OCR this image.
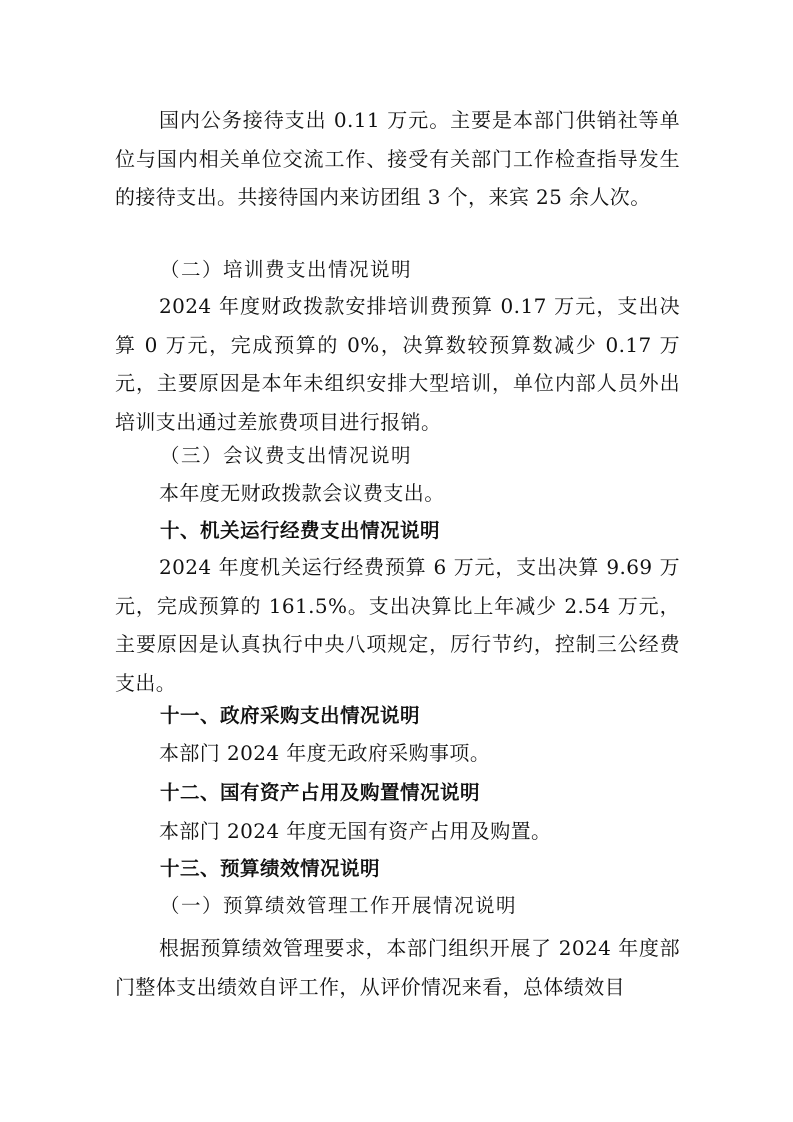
国内公务接待支出 0.11 万元。主要是本部门供销社等单位与国内相关单位交流工作、接受有关部门工作检查指导发生的接待支出。共接待国内来访团组 3 个，来宾 25 余人次。

（二）培训费支出情况说明

2024 年度财政拨款安排培训费预算 0.17 万元，支出决算 0 万元，完成预算的 0%，决算数较预算数减少 0.17 万元，主要原因是本年未组织安排大型培训，单位内部人员外出培训支出通过差旅费项目进行报销。

（三）会议费支出情况说明

本年度无财政拨款会议费支出。

十、机关运行经费支出情况说明

2024 年度机关运行经费预算 6 万元，支出决算 9.69 万元，完成预算的 161.5%。支出决算比上年减少 2.54 万元，主要原因是认真执行中央八项规定，厉行节约，控制三公经费支出。

十一、政府采购支出情况说明

本部门 2024 年度无政府采购事项。

十二、国有资产占用及购置情况说明

本部门 2024 年度无国有资产占用及购置。

十三、预算绩效情况说明

（一）预算绩效管理工作开展情况说明

根据预算绩效管理要求，本部门组织开展了 2024 年度部门整体支出绩效自评工作，从评价情况来看，总体绩效目
